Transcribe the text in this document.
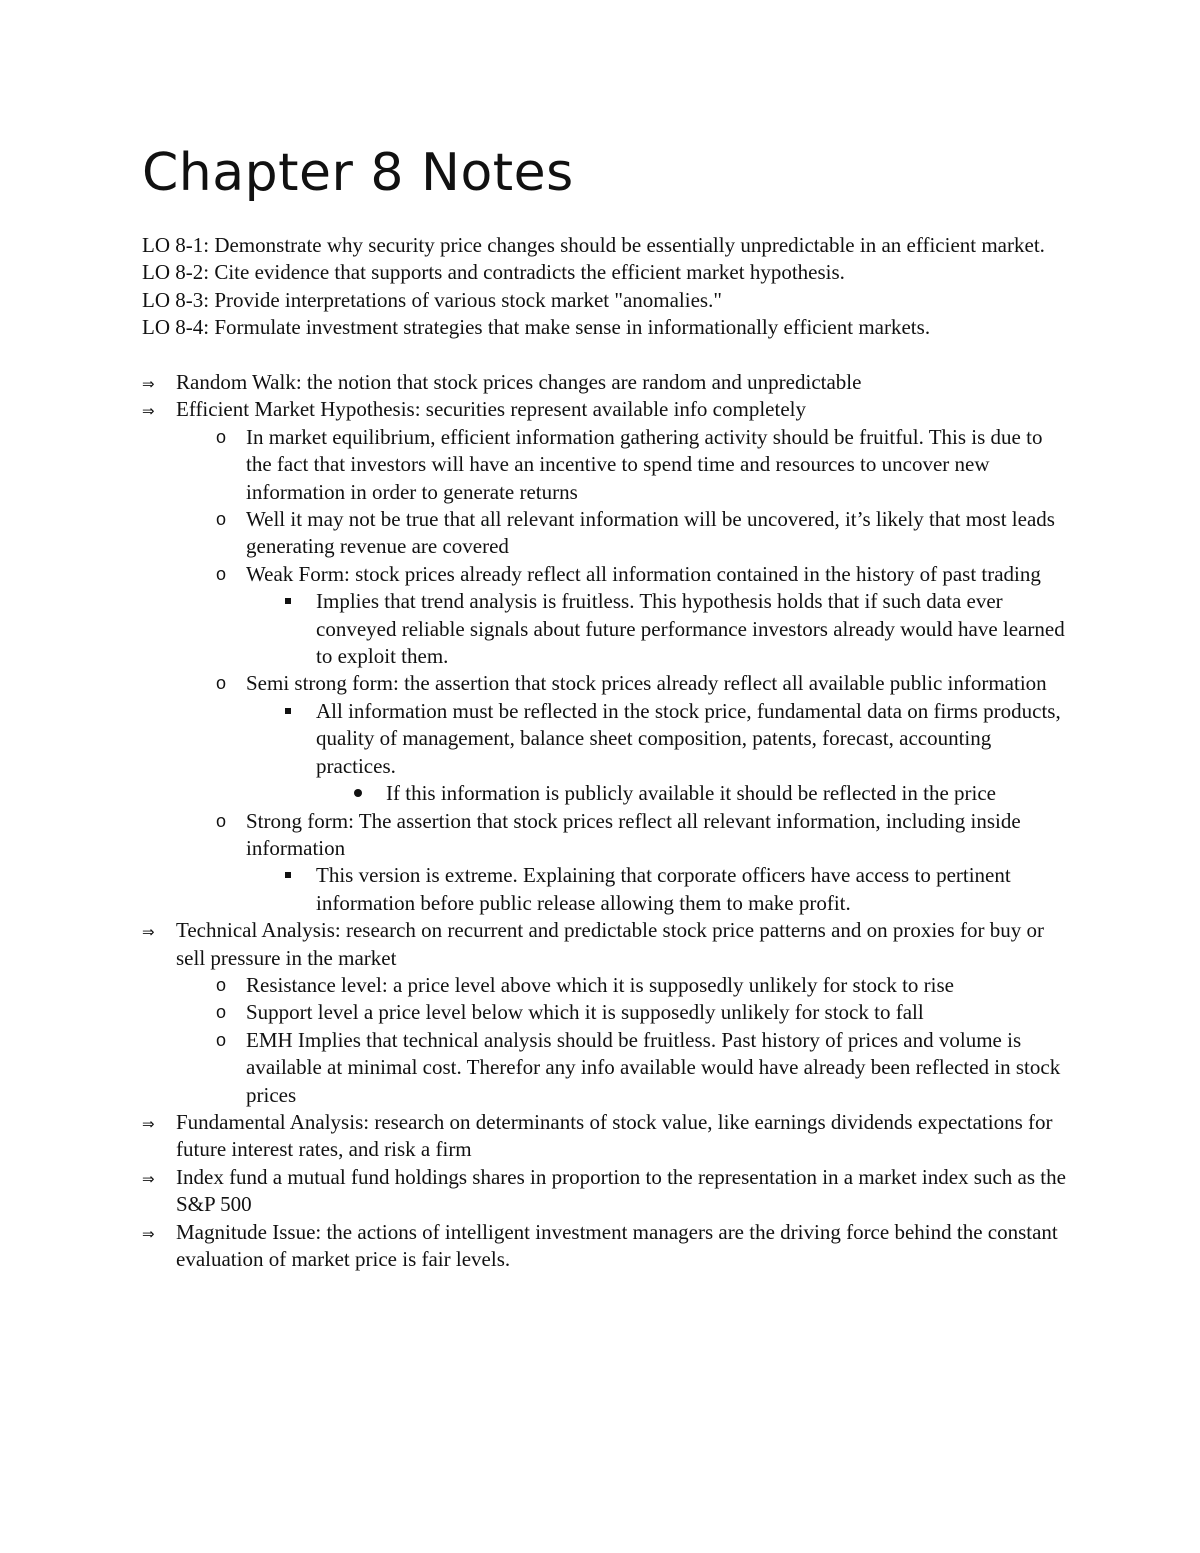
Chapter 8 Notes

LO 8-1: Demonstrate why security price changes should be essentially unpredictable in an efficient market.

LO 8-2: Cite evidence that supports and contradicts the efficient market hypothesis.

LO 8-3: Provide interpretations of various stock market "anomalies."

LO 8-4: Formulate investment strategies that make sense in informationally efficient markets.

⇒	Random Walk: the notion that stock prices changes are random and unpredictable
⇒	Efficient Market Hypothesis: securities represent available info completely
o In market equilibrium, efficient information gathering activity should be fruitful. This is due to the fact that investors will have an incentive to spend time and resources to uncover new information in order to generate returns
o Well it may not be true that all relevant information will be uncovered, it’s likely that most leads generating revenue are covered
o Weak Form: stock prices already reflect all information contained in the history of past trading
Implies that trend analysis is fruitless. This hypothesis holds that if such data ever conveyed reliable signals about future performance investors already would have learned to exploit them.
o Semi strong form: the assertion that stock prices already reflect all available public information
All information must be reflected in the stock price, fundamental data on firms products, quality of management, balance sheet composition, patents, forecast, accounting practices.
If this information is publicly available it should be reflected in the price
o Strong form: The assertion that stock prices reflect all relevant information, including inside information
This version is extreme. Explaining that corporate officers have access to pertinent information before public release allowing them to make profit.
⇒	Technical Analysis: research on recurrent and predictable stock price patterns and on proxies for buy or sell pressure in the market
o Resistance level: a price level above which it is supposedly unlikely for stock to rise
o Support level a price level below which it is supposedly unlikely for stock to fall
o EMH Implies that technical analysis should be fruitless. Past history of prices and volume is available at minimal cost. Therefor any info available would have already been reflected in stock prices
⇒	Fundamental Analysis: research on determinants of stock value, like earnings dividends expectations for future interest rates, and risk a firm
⇒	Index fund a mutual fund holdings shares in proportion to the representation in a market index such as the S&P 500
⇒	Magnitude Issue: the actions of intelligent investment managers are the driving force behind the constant evaluation of market price is fair levels.
